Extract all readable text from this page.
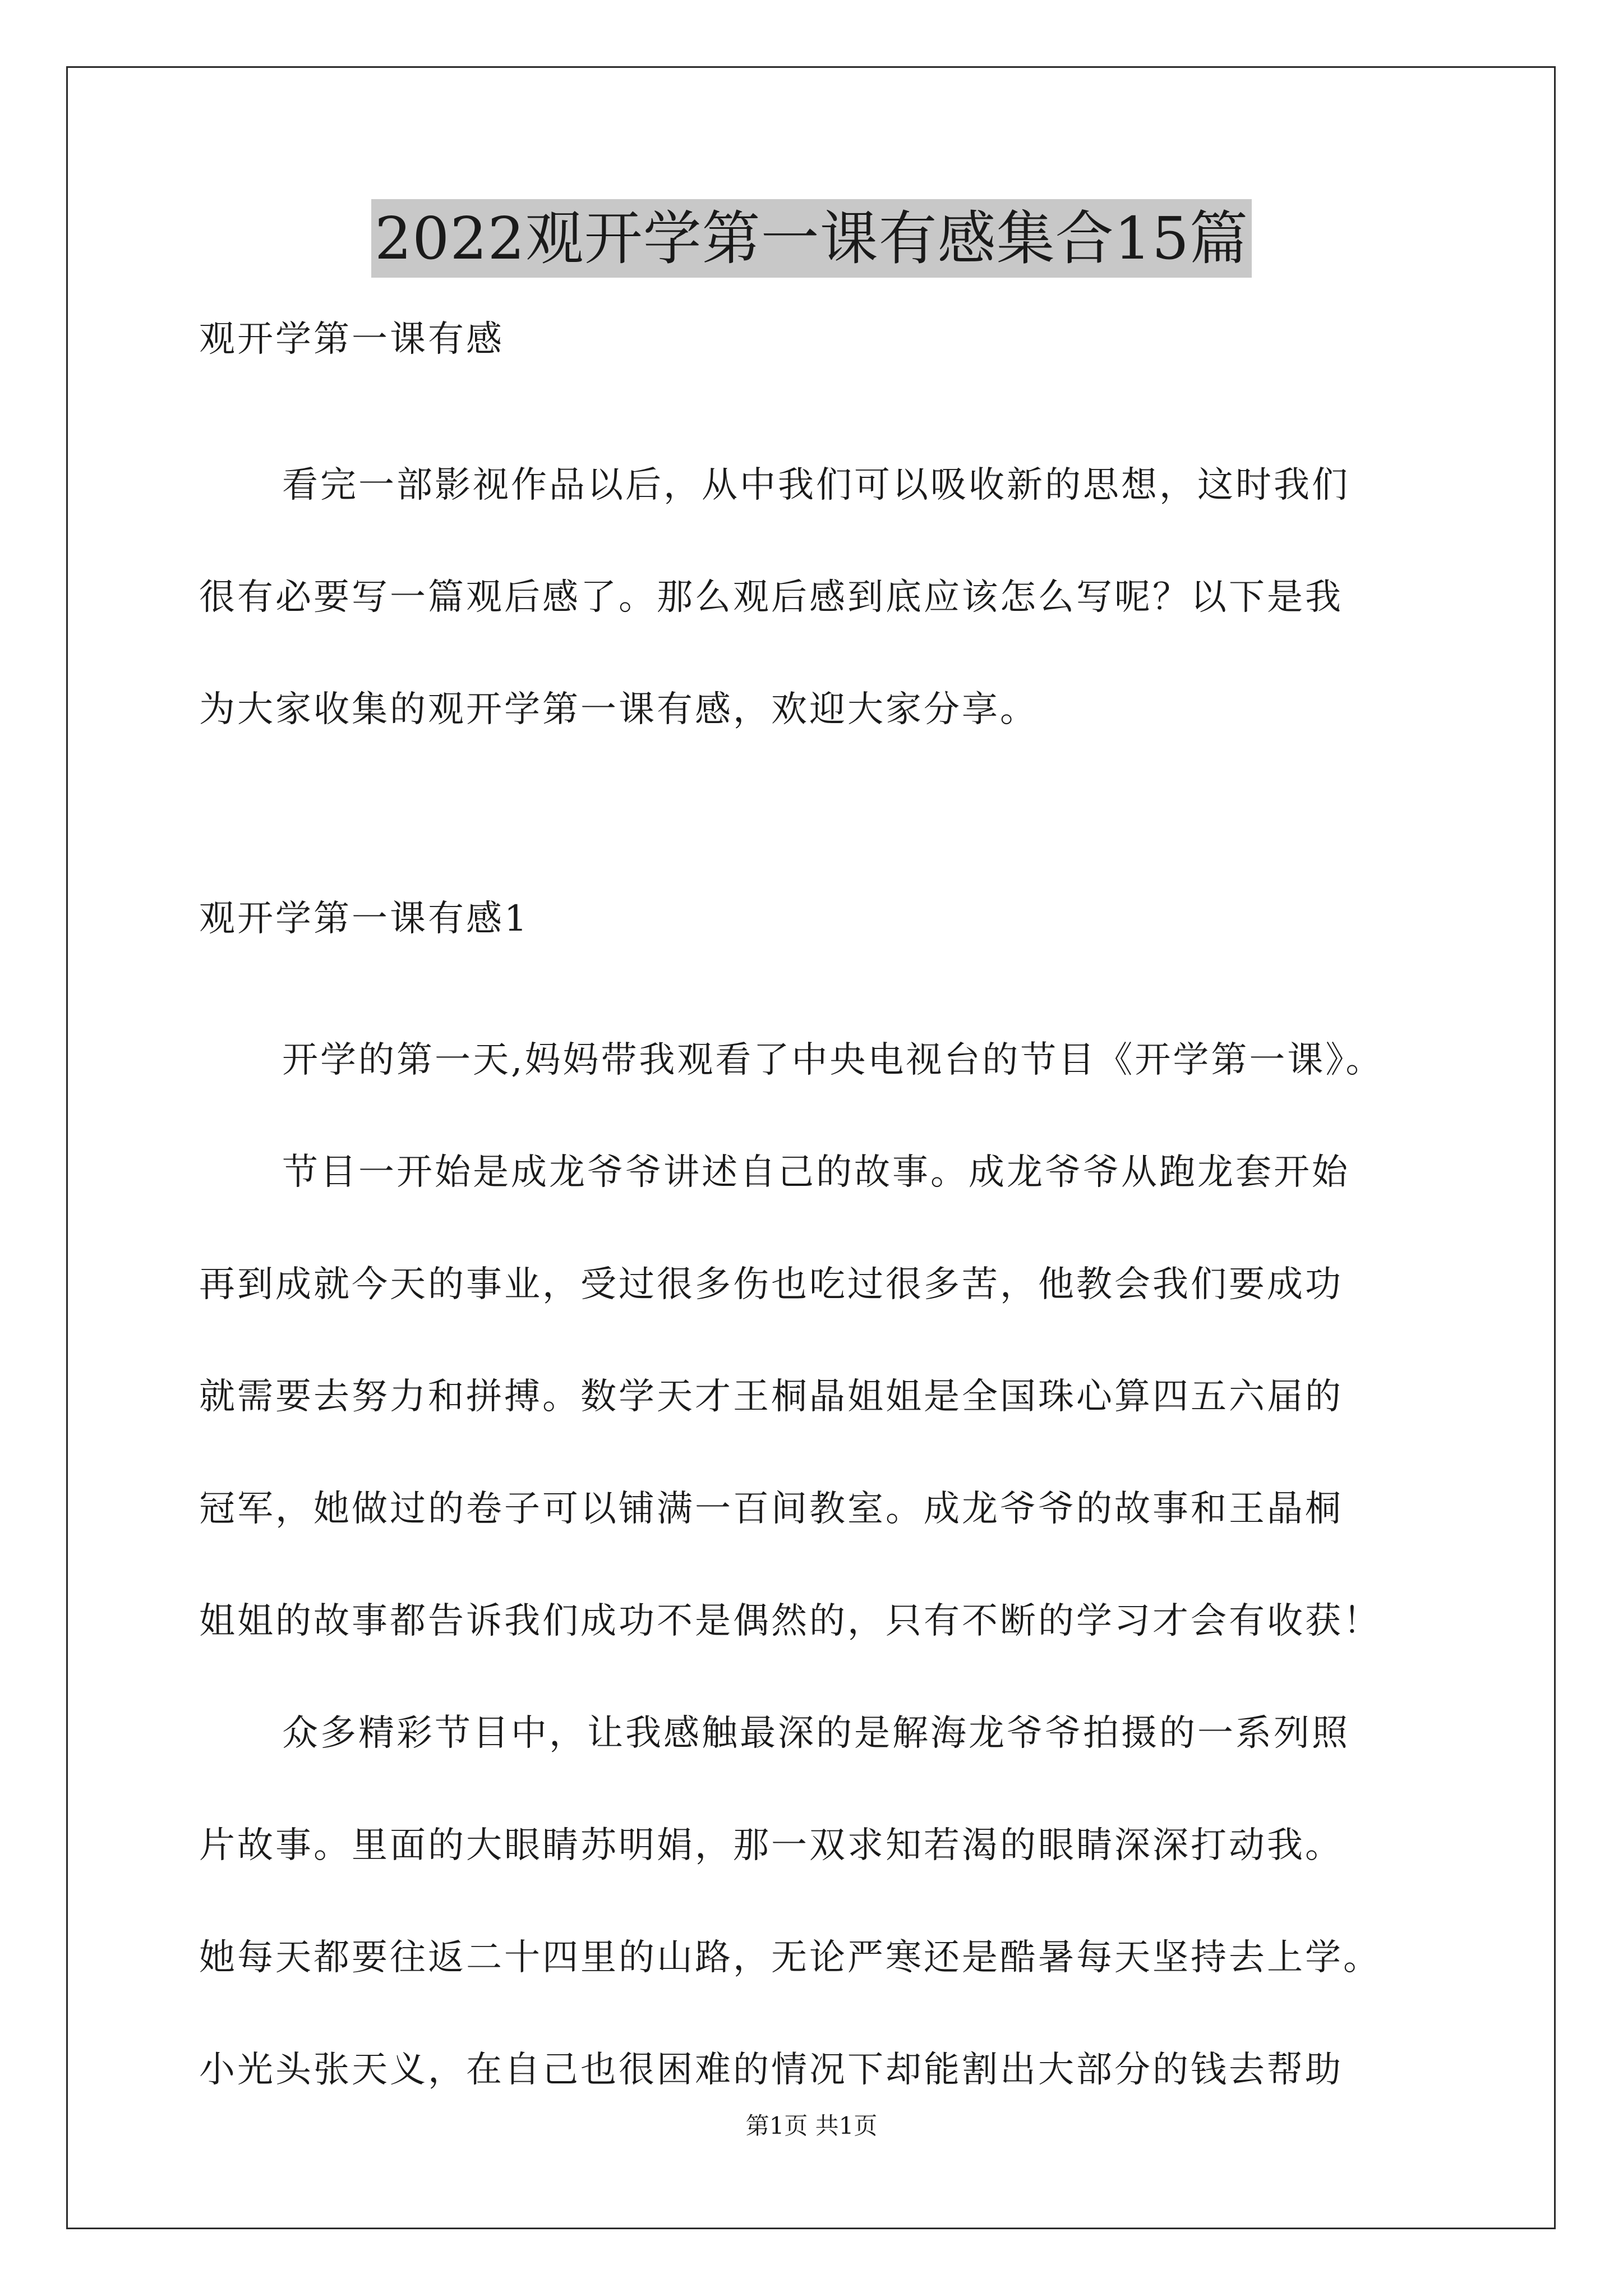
2022观开学第一课有感集合15篇
观开学第一课有感
看完一部影视作品以后，从中我们可以吸收新的思想，这时我们
很有必要写一篇观后感了。那么观后感到底应该怎么写呢？以下是我
为大家收集的观开学第一课有感，欢迎大家分享。
观开学第一课有感1
开学的第一天,妈妈带我观看了中央电视台的节目《开学第一课》。
节目一开始是成龙爷爷讲述自己的故事。成龙爷爷从跑龙套开始
再到成就今天的事业，受过很多伤也吃过很多苦，他教会我们要成功
就需要去努力和拼搏。数学天才王桐晶姐姐是全国珠心算四五六届的
冠军，她做过的卷子可以铺满一百间教室。成龙爷爷的故事和王晶桐
姐姐的故事都告诉我们成功不是偶然的，只有不断的学习才会有收获！
众多精彩节目中，让我感触最深的是解海龙爷爷拍摄的一系列照
片故事。里面的大眼睛苏明娟，那一双求知若渴的眼睛深深打动我。
她每天都要往返二十四里的山路，无论严寒还是酷暑每天坚持去上学。
小光头张天义，在自己也很困难的情况下却能割出大部分的钱去帮助
第1页 共1页
